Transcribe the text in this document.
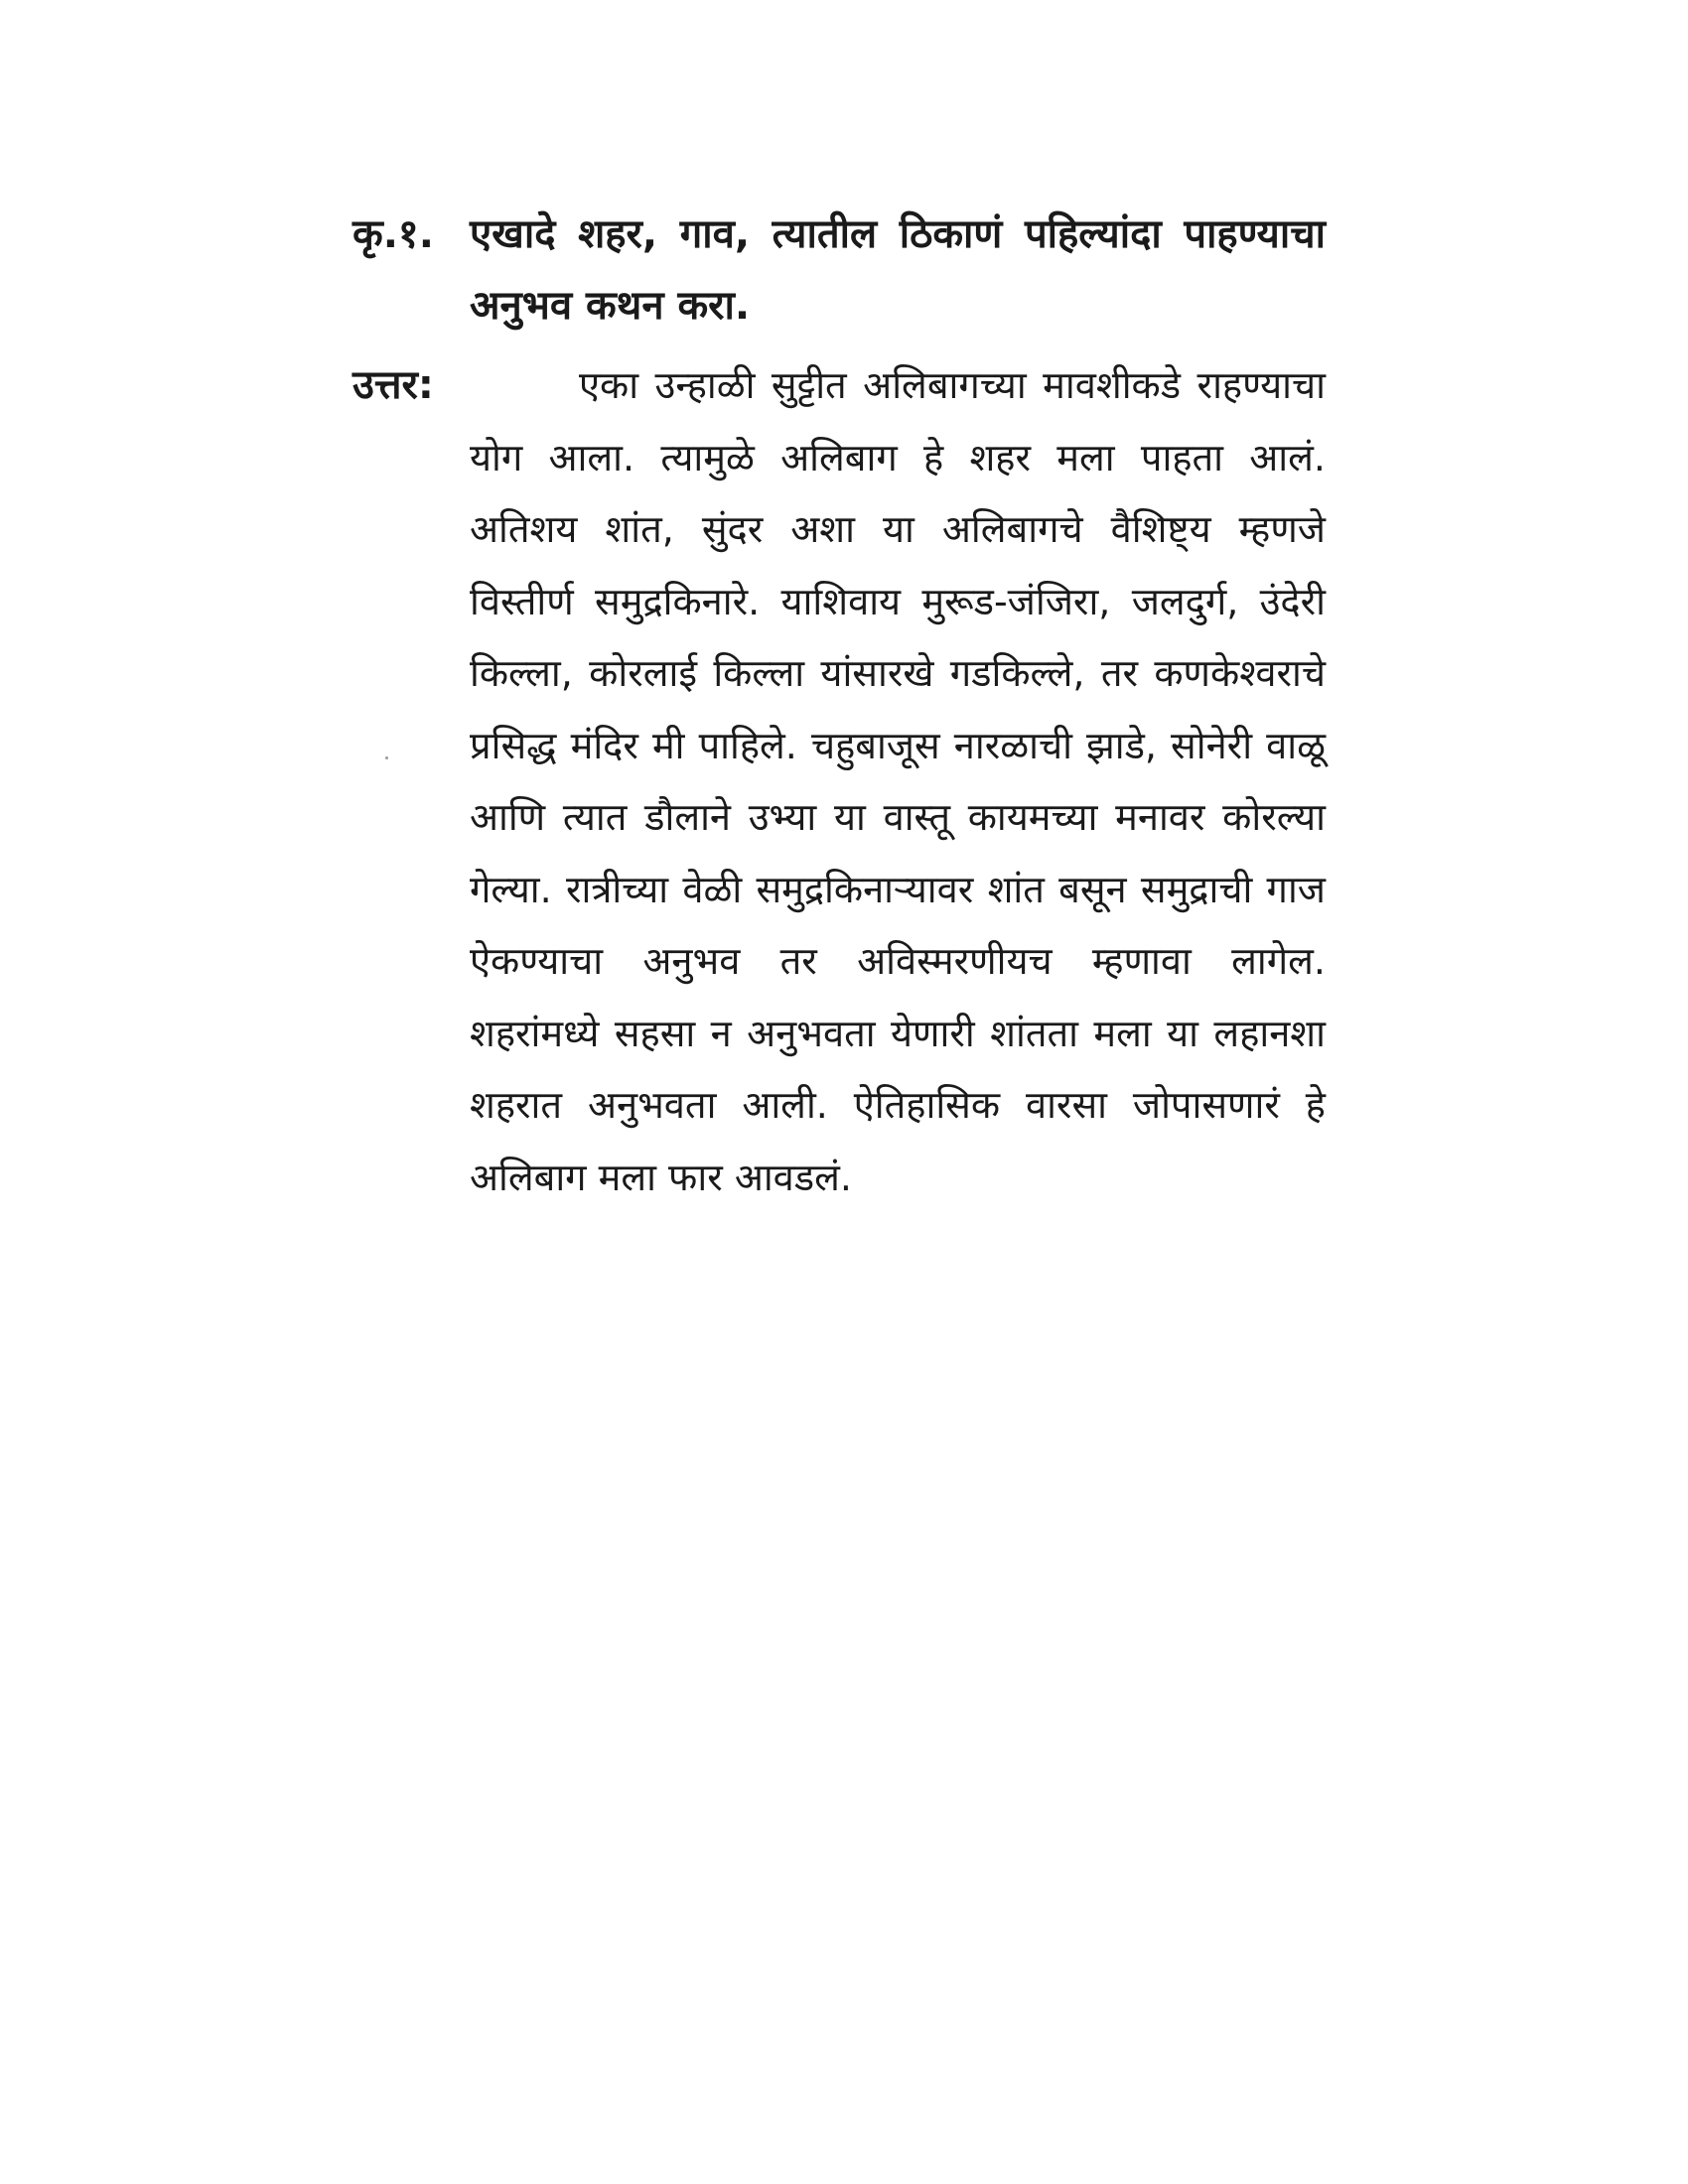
कृ.१. एखादे शहर, गाव, त्यातील ठिकाणं पहिल्यांदा पाहण्याचा अनुभव कथन करा.
उत्तर:	एका उन्हाळी सुट्टीत अलिबागच्या मावशीकडे राहण्याचा योग आला. त्यामुळे अलिबाग हे शहर मला पाहता आलं. अतिशय शांत, सुंदर अशा या अलिबागचे वैशिष्ट्य म्हणजे विस्तीर्ण समुद्रकिनारे. याशिवाय मुरूड-जंजिरा, जलदुर्ग, उंदेरी किल्ला, कोरलाई किल्ला यांसारखे गडकिल्ले, तर कणकेश्वराचे प्रसिद्ध मंदिर मी पाहिले. चहुबाजूस नारळाची झाडे, सोनेरी वाळू आणि त्यात डौलाने उभ्या या वास्तू कायमच्या मनावर कोरल्या गेल्या. रात्रीच्या वेळी समुद्रकिनाऱ्यावर शांत बसून समुद्राची गाज ऐकण्याचा अनुभव तर अविस्मरणीयच म्हणावा लागेल. शहरांमध्ये सहसा न अनुभवता येणारी शांतता मला या लहानशा शहरात अनुभवता आली. ऐतिहासिक वारसा जोपासणारं हे अलिबाग मला फार आवडलं.
